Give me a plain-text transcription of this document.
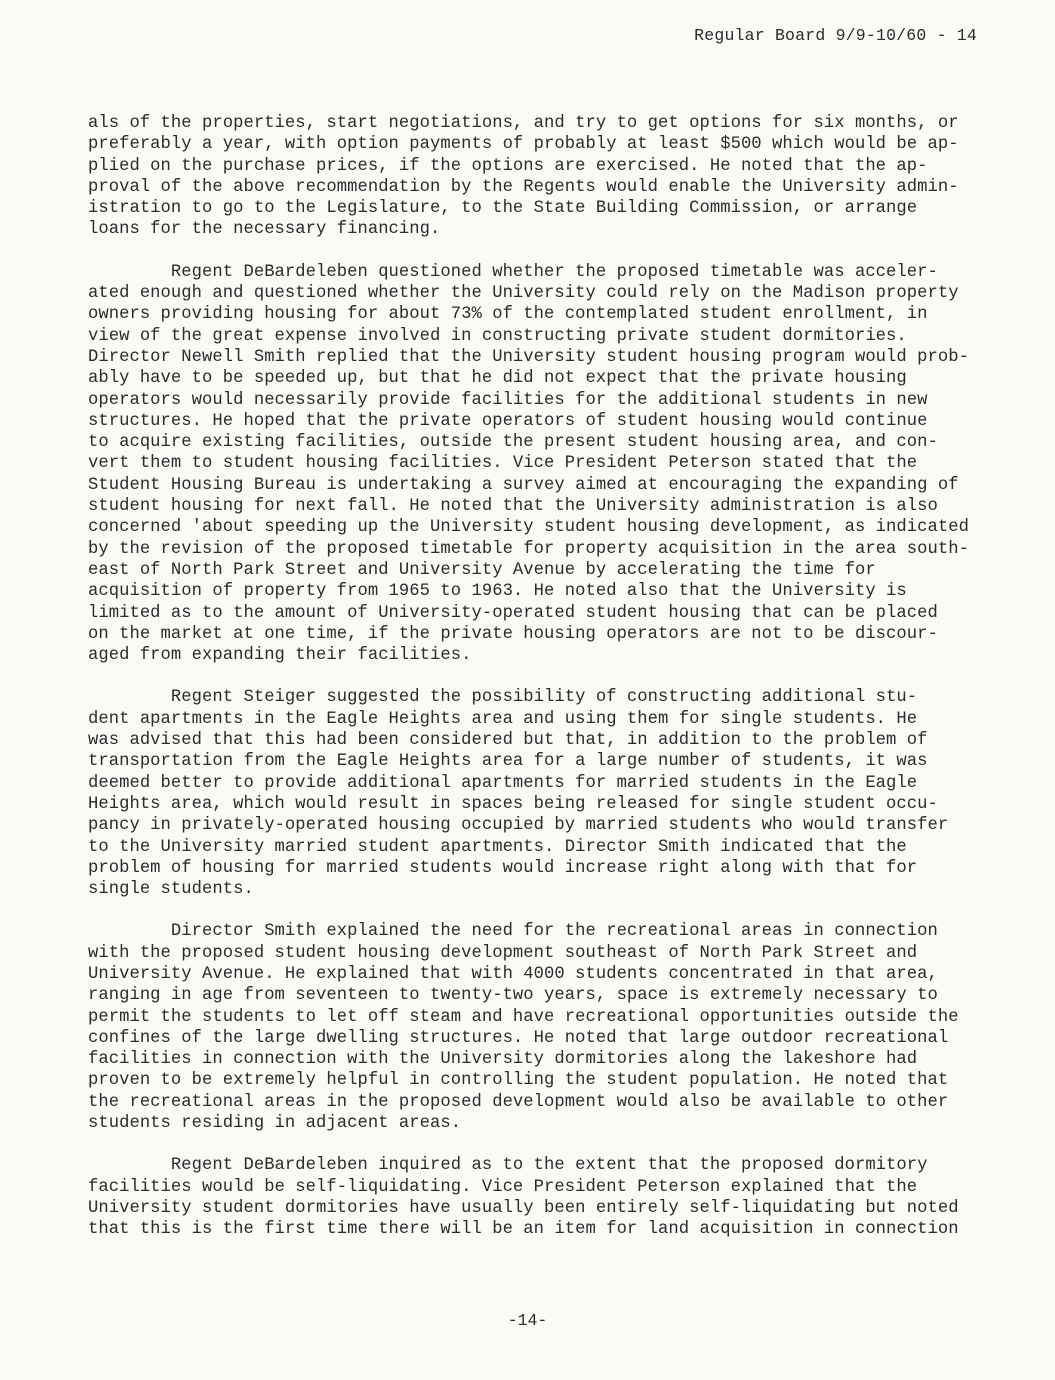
Regular Board 9/9-10/60 - 14
als of the properties, start negotiations, and try to get options for six months, or
preferably a year, with option payments of probably at least $500 which would be ap-
plied on the purchase prices, if the options are exercised. He noted that the ap-
proval of the above recommendation by the Regents would enable the University admin-
istration to go to the Legislature, to the State Building Commission, or arrange
loans for the necessary financing.
Regent DeBardeleben questioned whether the proposed timetable was acceler-
ated enough and questioned whether the University could rely on the Madison property
owners providing housing for about 73% of the contemplated student enrollment, in
view of the great expense involved in constructing private student dormitories.
Director Newell Smith replied that the University student housing program would prob-
ably have to be speeded up, but that he did not expect that the private housing
operators would necessarily provide facilities for the additional students in new
structures. He hoped that the private operators of student housing would continue
to acquire existing facilities, outside the present student housing area, and con-
vert them to student housing facilities. Vice President Peterson stated that the
Student Housing Bureau is undertaking a survey aimed at encouraging the expanding of
student housing for next fall. He noted that the University administration is also
concerned 'about speeding up the University student housing development, as indicated
by the revision of the proposed timetable for property acquisition in the area south-
east of North Park Street and University Avenue by accelerating the time for
acquisition of property from 1965 to 1963. He noted also that the University is
limited as to the amount of University-operated student housing that can be placed
on the market at one time, if the private housing operators are not to be discour-
aged from expanding their facilities.
Regent Steiger suggested the possibility of constructing additional stu-
dent apartments in the Eagle Heights area and using them for single students. He
was advised that this had been considered but that, in addition to the problem of
transportation from the Eagle Heights area for a large number of students, it was
deemed better to provide additional apartments for married students in the Eagle
Heights area, which would result in spaces being released for single student occu-
pancy in privately-operated housing occupied by married students who would transfer
to the University married student apartments. Director Smith indicated that the
problem of housing for married students would increase right along with that for
single students.
Director Smith explained the need for the recreational areas in connection
with the proposed student housing development southeast of North Park Street and
University Avenue. He explained that with 4000 students concentrated in that area,
ranging in age from seventeen to twenty-two years, space is extremely necessary to
permit the students to let off steam and have recreational opportunities outside the
confines of the large dwelling structures. He noted that large outdoor recreational
facilities in connection with the University dormitories along the lakeshore had
proven to be extremely helpful in controlling the student population. He noted that
the recreational areas in the proposed development would also be available to other
students residing in adjacent areas.
Regent DeBardeleben inquired as to the extent that the proposed dormitory
facilities would be self-liquidating. Vice President Peterson explained that the
University student dormitories have usually been entirely self-liquidating but noted
that this is the first time there will be an item for land acquisition in connection
-14-
